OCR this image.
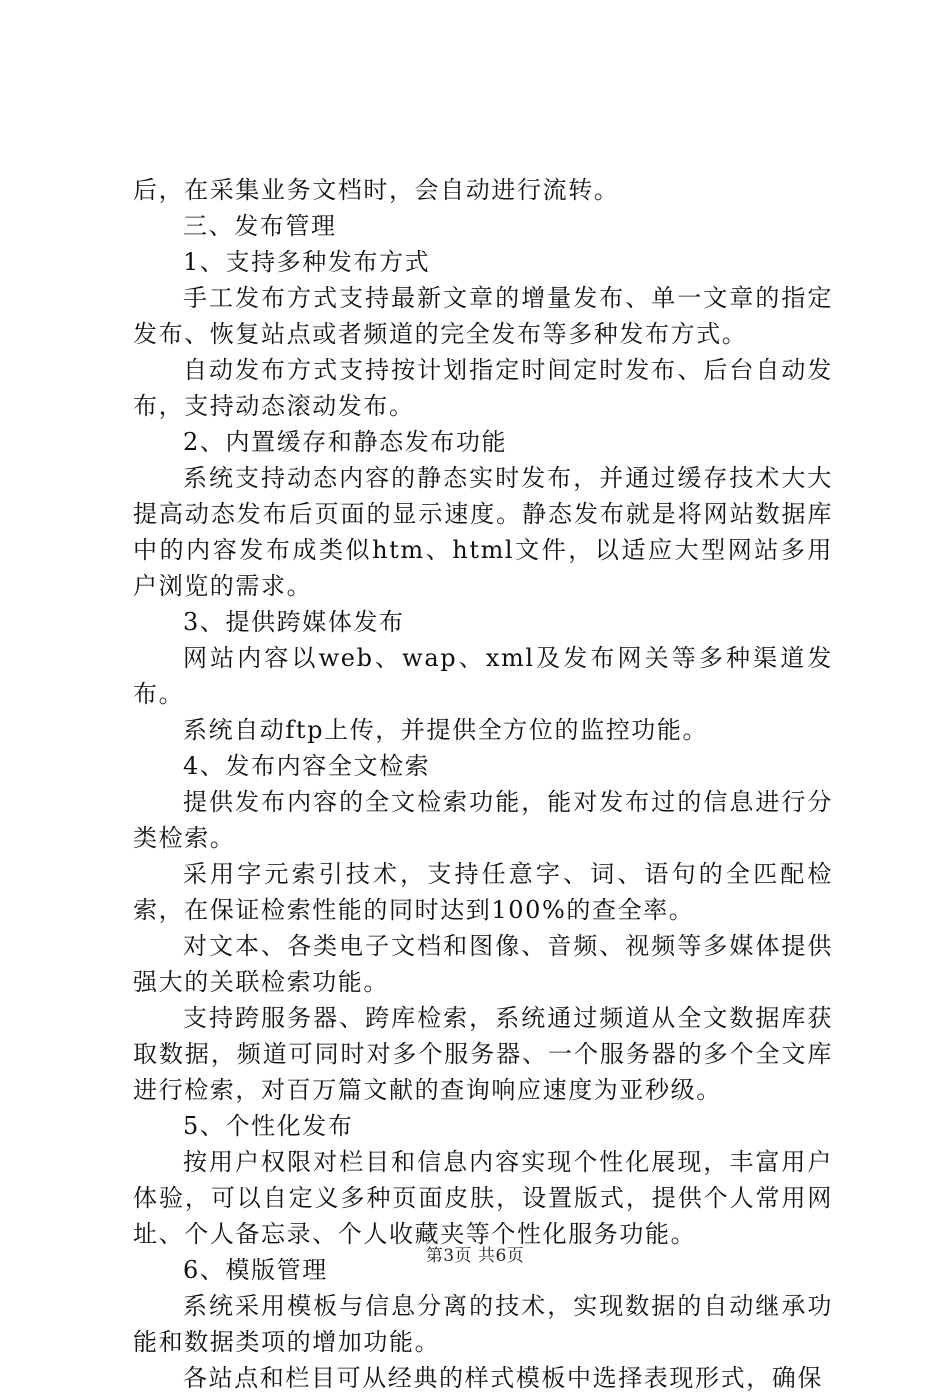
后，在采集业务文档时，会自动进行流转。

三、发布管理

1、支持多种发布方式

手工发布方式支持最新文章的增量发布、单一文章的指定发布、恢复站点或者频道的完全发布等多种发布方式。

自动发布方式支持按计划指定时间定时发布、后台自动发布，支持动态滚动发布。

2、内置缓存和静态发布功能

系统支持动态内容的静态实时发布，并通过缓存技术大大提高动态发布后页面的显示速度。静态发布就是将网站数据库中的内容发布成类似htm、html文件，以适应大型网站多用户浏览的需求。

3、提供跨媒体发布

网站内容以web、wap、xml及发布网关等多种渠道发布。

系统自动ftp上传，并提供全方位的监控功能。

4、发布内容全文检索

提供发布内容的全文检索功能，能对发布过的信息进行分类检索。

采用字元索引技术，支持任意字、词、语句的全匹配检索，在保证检索性能的同时达到100%的查全率。

对文本、各类电子文档和图像、音频、视频等多媒体提供强大的关联检索功能。

支持跨服务器、跨库检索，系统通过频道从全文数据库获取数据，频道可同时对多个服务器、一个服务器的多个全文库进行检索，对百万篇文献的查询响应速度为亚秒级。

5、个性化发布

按用户权限对栏目和信息内容实现个性化展现，丰富用户体验，可以自定义多种页面皮肤，设置版式，提供个人常用网址、个人备忘录、个人收藏夹等个性化服务功能。

6、模版管理

系统采用模板与信息分离的技术，实现数据的自动继承功能和数据类项的增加功能。

各站点和栏目可从经典的样式模板中选择表现形式，确保

第3页 共6页
